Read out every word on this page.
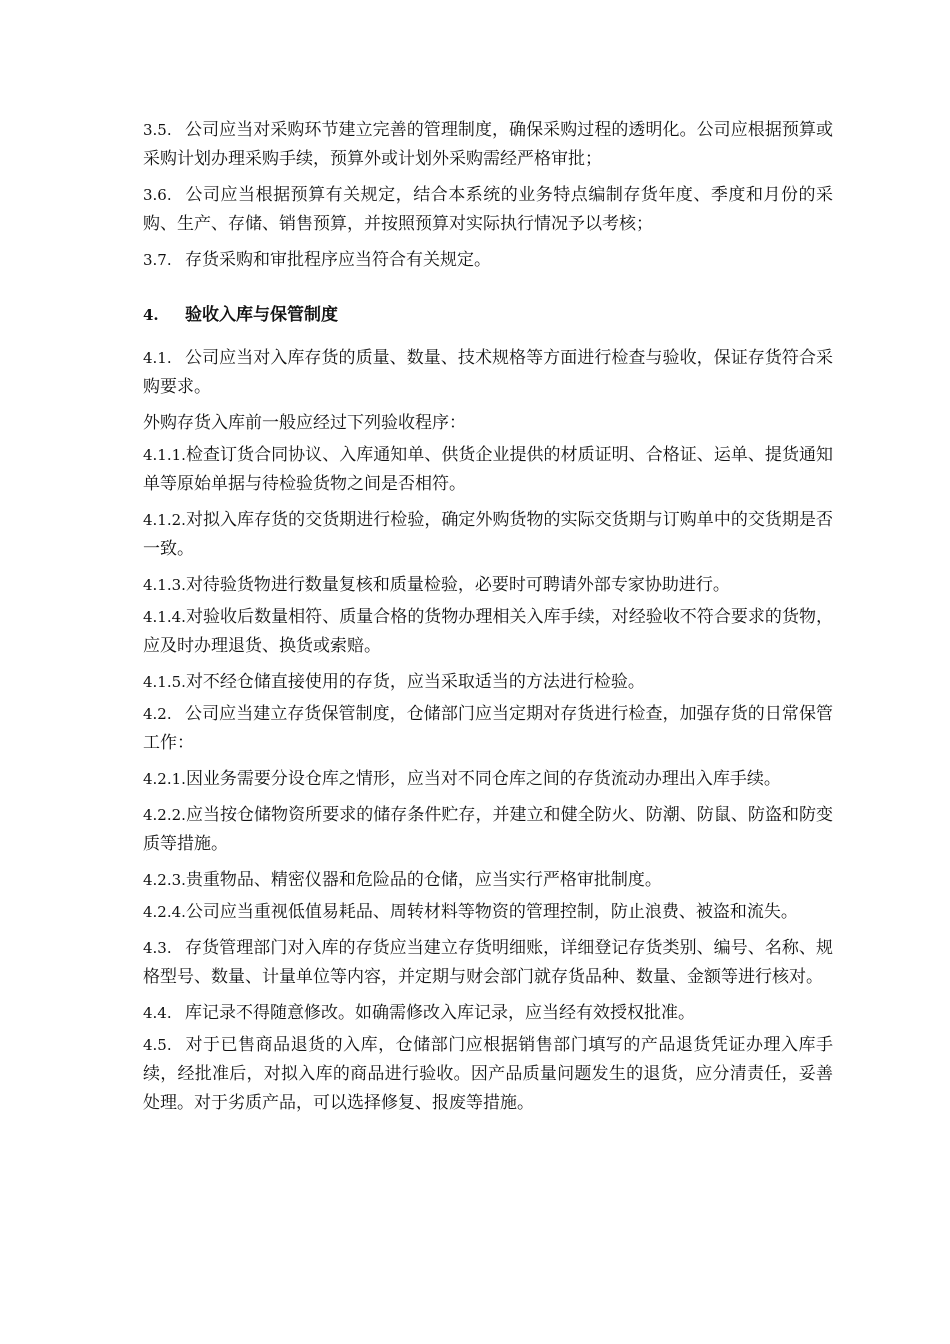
3.5. 公司应当对采购环节建立完善的管理制度，确保采购过程的透明化。公司应根据预算或采购计划办理采购手续，预算外或计划外采购需经严格审批；

3.6. 公司应当根据预算有关规定，结合本系统的业务特点编制存货年度、季度和月份的采购、生产、存储、销售预算，并按照预算对实际执行情况予以考核；

3.7. 存货采购和审批程序应当符合有关规定。

4. 验收入库与保管制度

4.1. 公司应当对入库存货的质量、数量、技术规格等方面进行检查与验收，保证存货符合采购要求。

外购存货入库前一般应经过下列验收程序：

4.1.1.检查订货合同协议、入库通知单、供货企业提供的材质证明、合格证、运单、提货通知单等原始单据与待检验货物之间是否相符。

4.1.2.对拟入库存货的交货期进行检验，确定外购货物的实际交货期与订购单中的交货期是否一致。

4.1.3.对待验货物进行数量复核和质量检验，必要时可聘请外部专家协助进行。

4.1.4.对验收后数量相符、质量合格的货物办理相关入库手续，对经验收不符合要求的货物，应及时办理退货、换货或索赔。

4.1.5.对不经仓储直接使用的存货，应当采取适当的方法进行检验。

4.2. 公司应当建立存货保管制度，仓储部门应当定期对存货进行检查，加强存货的日常保管工作：

4.2.1.因业务需要分设仓库之情形，应当对不同仓库之间的存货流动办理出入库手续。

4.2.2.应当按仓储物资所要求的储存条件贮存，并建立和健全防火、防潮、防鼠、防盗和防变质等措施。

4.2.3.贵重物品、精密仪器和危险品的仓储，应当实行严格审批制度。

4.2.4.公司应当重视低值易耗品、周转材料等物资的管理控制，防止浪费、被盗和流失。

4.3. 存货管理部门对入库的存货应当建立存货明细账，详细登记存货类别、编号、名称、规格型号、数量、计量单位等内容，并定期与财会部门就存货品种、数量、金额等进行核对。

4.4. 库记录不得随意修改。如确需修改入库记录，应当经有效授权批准。

4.5. 对于已售商品退货的入库，仓储部门应根据销售部门填写的产品退货凭证办理入库手续，经批准后，对拟入库的商品进行验收。因产品质量问题发生的退货，应分清责任，妥善处理。对于劣质产品，可以选择修复、报废等措施。
